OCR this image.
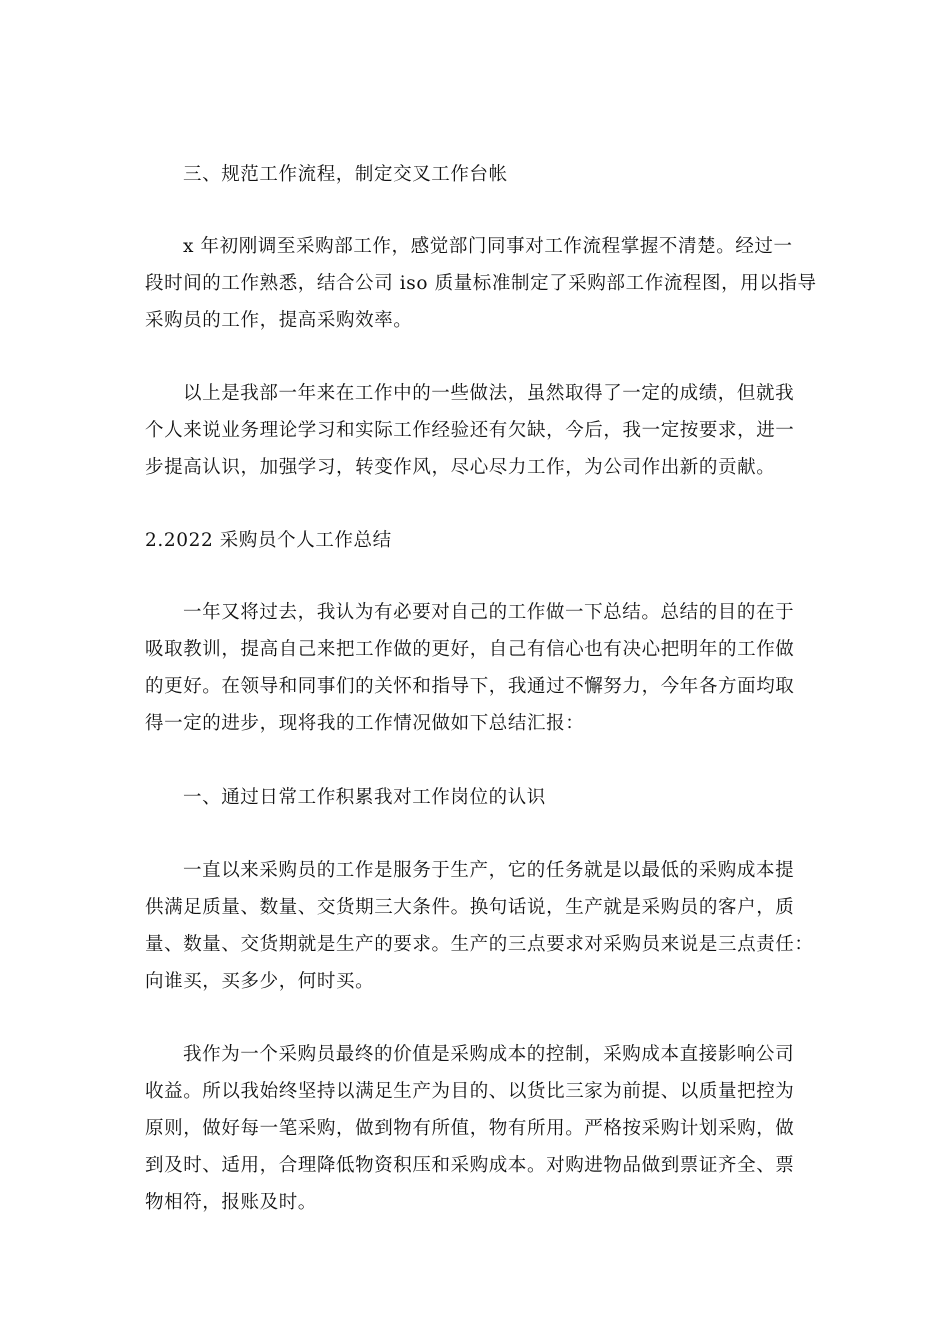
三、规范工作流程，制定交叉工作台帐

x 年初刚调至采购部工作，感觉部门同事对工作流程掌握不清楚。经过一
段时间的工作熟悉，结合公司 iso 质量标准制定了采购部工作流程图，用以指导
采购员的工作，提高采购效率。

以上是我部一年来在工作中的一些做法，虽然取得了一定的成绩，但就我
个人来说业务理论学习和实际工作经验还有欠缺，今后，我一定按要求，进一
步提高认识，加强学习，转变作风，尽心尽力工作，为公司作出新的贡献。

2.2022 采购员个人工作总结

一年又将过去，我认为有必要对自己的工作做一下总结。总结的目的在于
吸取教训，提高自己来把工作做的更好，自己有信心也有决心把明年的工作做
的更好。在领导和同事们的关怀和指导下，我通过不懈努力，今年各方面均取
得一定的进步，现将我的工作情况做如下总结汇报：

一、通过日常工作积累我对工作岗位的认识

一直以来采购员的工作是服务于生产，它的任务就是以最低的采购成本提
供满足质量、数量、交货期三大条件。换句话说，生产就是采购员的客户，质
量、数量、交货期就是生产的要求。生产的三点要求对采购员来说是三点责任：
向谁买，买多少，何时买。

我作为一个采购员最终的价值是采购成本的控制，采购成本直接影响公司
收益。所以我始终坚持以满足生产为目的、以货比三家为前提、以质量把控为
原则，做好每一笔采购，做到物有所值，物有所用。严格按采购计划采购，做
到及时、适用，合理降低物资积压和采购成本。对购进物品做到票证齐全、票
物相符，报账及时。
